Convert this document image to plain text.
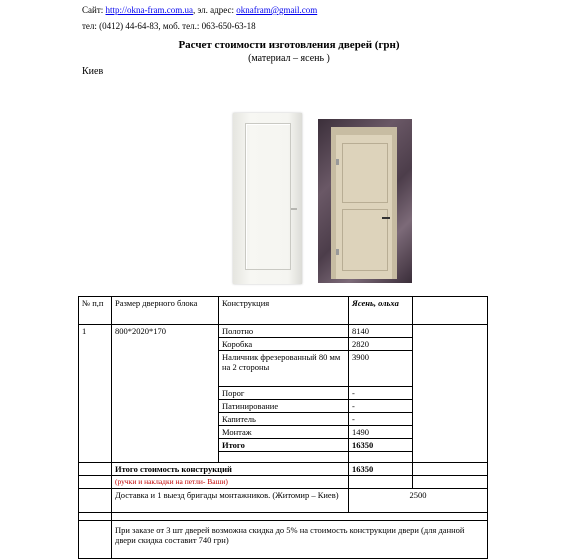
Сайт: http://okna-fram.com.ua, эл. адрес: oknafram@gmail.com
тел: (0412) 44-64-83, моб. тел.: 063-650-63-18
Расчет стоимости изготовления дверей (грн)
(материал – ясень )
Киев
№ п,п	Размер дверного блока	Конструкция	Ясень, ольха	
1	800*2020*170	Полотно	8140	
		Коробка	2820	
		Наличник фрезерованный 80 мм на 2 стороны	3900	
		Порог	-	
		Патинирование	-	
		Капитель	-	
		Монтаж	1490	
		Итого	16350	

	Итого стоимость конструкций		16350	
	(ручки и накладки на петли- Ваши)			
	Доставка и 1 выезд бригады монтажников. (Житомир – Киев)		2500	

	При заказе от 3 шт дверей возможна скидка до 5% на стоимость конструкции двери (для данной двери скидка составит 740 грн)			
